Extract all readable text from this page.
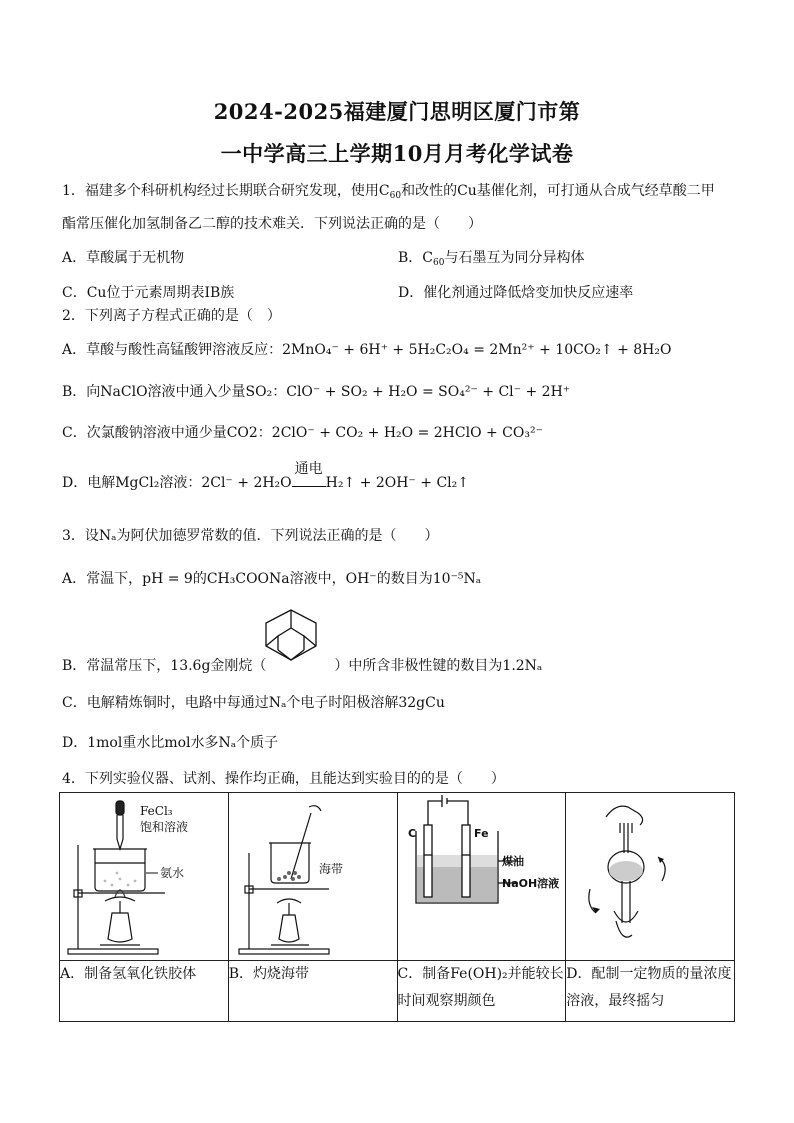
2024-2025福建厦门思明区厦门市第
一中学高三上学期10月月考化学试卷
1．福建多个科研机构经过长期联合研究发现，使用$C_{60}$和改性的Cu基催化剂，可打通从合成气经草酸二甲
酯常压催化加氢制备乙二醇的技术难关．下列说法正确的是（　　）
A．草酸属于无机物	B．$C_{60}$与石墨互为同分异构体
C．Cu位于元素周期表ⅠB族	D．催化剂通过降低焓变加快反应速率
2．下列离子方程式正确的是（　）
A．草酸与酸性高锰酸钾溶液反应：2MnO₄⁻ + 6H⁺ + 5H₂C₂O₄ = 2Mn²⁺ + 10CO₂↑ + 8H₂O
B．向NaClO溶液中通入少量SO₂：ClO⁻ + SO₂ + H₂O = SO₄²⁻ + Cl⁻ + 2H⁺
C．次氯酸钠溶液中通少量CO2：2ClO⁻ + CO₂ + H₂O = 2HClO + CO₃²⁻
D．电解MgCl₂溶液：2Cl⁻ + 2H₂O
通电
H₂↑ + 2OH⁻ + Cl₂↑
3．设Nₐ为阿伏加德罗常数的值．下列说法正确的是（　　）
A．常温下，pH = 9的CH₃COONa溶液中，OH⁻的数目为10⁻⁵Nₐ
B．常温常压下，13.6g金刚烷（	）中所含非极性键的数目为1.2Nₐ
C．电解精炼铜时，电路中每通过Nₐ个电子时阳极溶解32gCu
D．1mol重水比mol水多Nₐ个质子
4．下列实验仪器、试剂、操作均正确，且能达到实验目的的是（　　）
FeCl₃
饱和溶液
氨水	海带	C Fe
煤油
NaOH溶液

A．制备氢氧化铁胶体	B．灼烧海带	C．制备Fe(OH)₂并能较长时间观察期颜色	D．配制一定物质的量浓度溶液，最终摇匀
